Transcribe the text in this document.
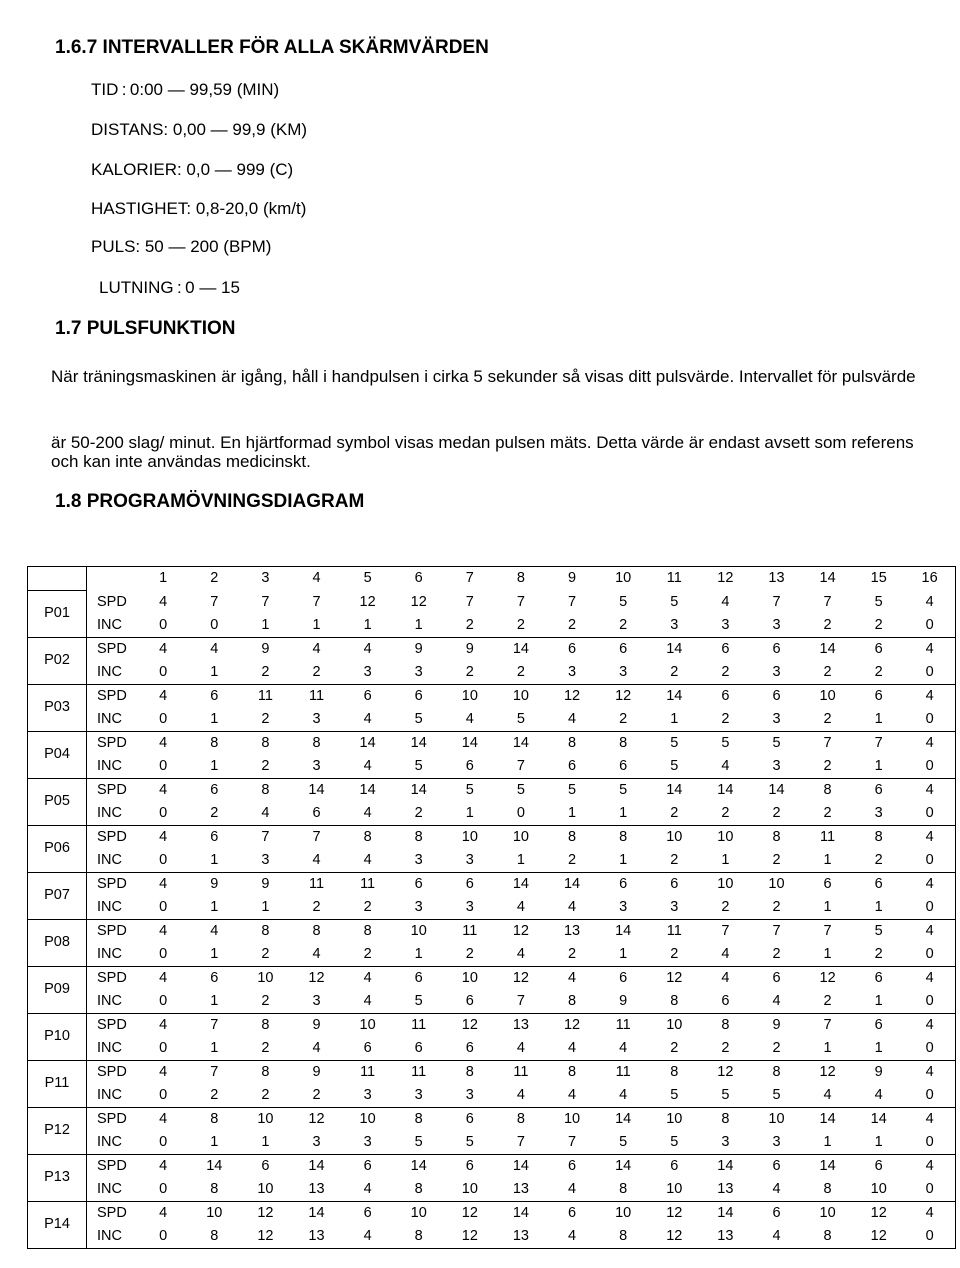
1.6.7 INTERVALLER FÖR ALLA SKÄRMVÄRDEN
TID : 0:00 — 99,59 (MIN)
DISTANS: 0,00 — 99,9 (KM)
KALORIER: 0,0 — 999 (C)
HASTIGHET: 0,8-20,0 (km/t)
PULS: 50 — 200 (BPM)
LUTNING : 0 — 15
1.7 PULSFUNKTION
När träningsmaskinen är igång, håll i handpulsen i cirka 5 sekunder så visas ditt pulsvärde. Intervallet för pulsvärde
är 50-200 slag/ minut. En hjärtformad symbol visas medan pulsen mäts. Detta värde är endast avsett som referens och kan inte användas medicinskt.
1.8 PROGRAMÖVNINGSDIAGRAM
		1	2	3	4	5	6	7	8	9	10	11	12	13	14	15	16
P01	SPD	4	7	7	7	12	12	7	7	7	5	5	4	7	7	5	4
	INC	0	0	1	1	1	1	2	2	2	2	3	3	3	2	2	0
P02	SPD	4	4	9	4	4	9	9	14	6	6	14	6	6	14	6	4
	INC	0	1	2	2	3	3	2	2	3	3	2	2	3	2	2	0
P03	SPD	4	6	11	11	6	6	10	10	12	12	14	6	6	10	6	4
	INC	0	1	2	3	4	5	4	5	4	2	1	2	3	2	1	0
P04	SPD	4	8	8	8	14	14	14	14	8	8	5	5	5	7	7	4
	INC	0	1	2	3	4	5	6	7	6	6	5	4	3	2	1	0
P05	SPD	4	6	8	14	14	14	5	5	5	5	14	14	14	8	6	4
	INC	0	2	4	6	4	2	1	0	1	1	2	2	2	2	3	0
P06	SPD	4	6	7	7	8	8	10	10	8	8	10	10	8	11	8	4
	INC	0	1	3	4	4	3	3	1	2	1	2	1	2	1	2	0
P07	SPD	4	9	9	11	11	6	6	14	14	6	6	10	10	6	6	4
	INC	0	1	1	2	2	3	3	4	4	3	3	2	2	1	1	0
P08	SPD	4	4	8	8	8	10	11	12	13	14	11	7	7	7	5	4
	INC	0	1	2	4	2	1	2	4	2	1	2	4	2	1	2	0
P09	SPD	4	6	10	12	4	6	10	12	4	6	12	4	6	12	6	4
	INC	0	1	2	3	4	5	6	7	8	9	8	6	4	2	1	0
P10	SPD	4	7	8	9	10	11	12	13	12	11	10	8	9	7	6	4
	INC	0	1	2	4	6	6	6	4	4	4	2	2	2	1	1	0
P11	SPD	4	7	8	9	11	11	8	11	8	11	8	12	8	12	9	4
	INC	0	2	2	2	3	3	3	4	4	4	5	5	5	4	4	0
P12	SPD	4	8	10	12	10	8	6	8	10	14	10	8	10	14	14	4
	INC	0	1	1	3	3	5	5	7	7	5	5	3	3	1	1	0
P13	SPD	4	14	6	14	6	14	6	14	6	14	6	14	6	14	6	4
	INC	0	8	10	13	4	8	10	13	4	8	10	13	4	8	10	0
P14	SPD	4	10	12	14	6	10	12	14	6	10	12	14	6	10	12	4
	INC	0	8	12	13	4	8	12	13	4	8	12	13	4	8	12	0
